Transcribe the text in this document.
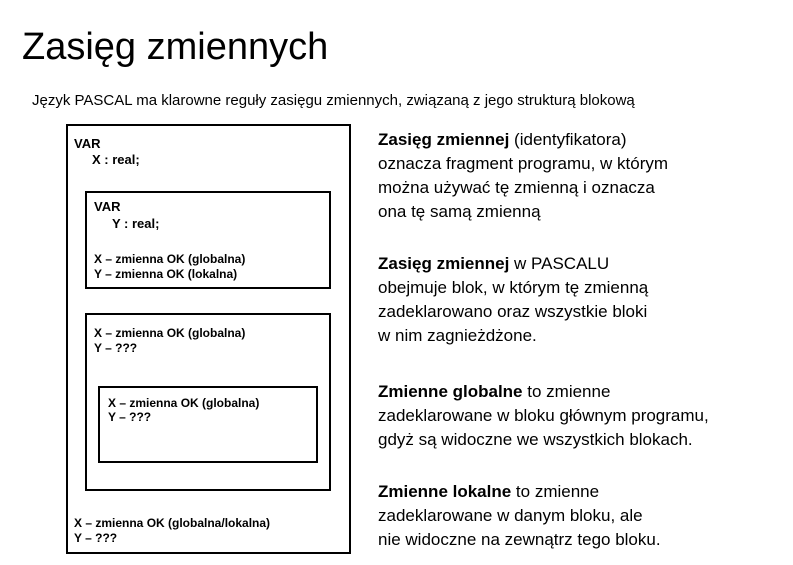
Zasięg zmiennych
Język PASCAL ma klarowne reguły zasięgu zmiennych, związaną z jego strukturą blokową
VAR
X : real;
VAR
Y : real;
X – zmienna OK (globalna)
Y – zmienna OK (lokalna)
X – zmienna OK (globalna)
Y – ???
X – zmienna OK (globalna)
Y – ???
X – zmienna OK (globalna/lokalna)
Y – ???
Zasięg zmiennej (identyfikatora)
oznacza fragment programu, w którym
można używać tę zmienną i oznacza
ona tę samą zmienną
Zasięg zmiennej w PASCALU
obejmuje blok, w którym tę zmienną
zadeklarowano oraz wszystkie bloki
w nim zagnieżdżone.
Zmienne globalne to zmienne
zadeklarowane w bloku głównym programu,
gdyż są widoczne we wszystkich blokach.
Zmienne lokalne to zmienne
zadeklarowane w danym bloku, ale
nie widoczne na zewnątrz tego bloku.
